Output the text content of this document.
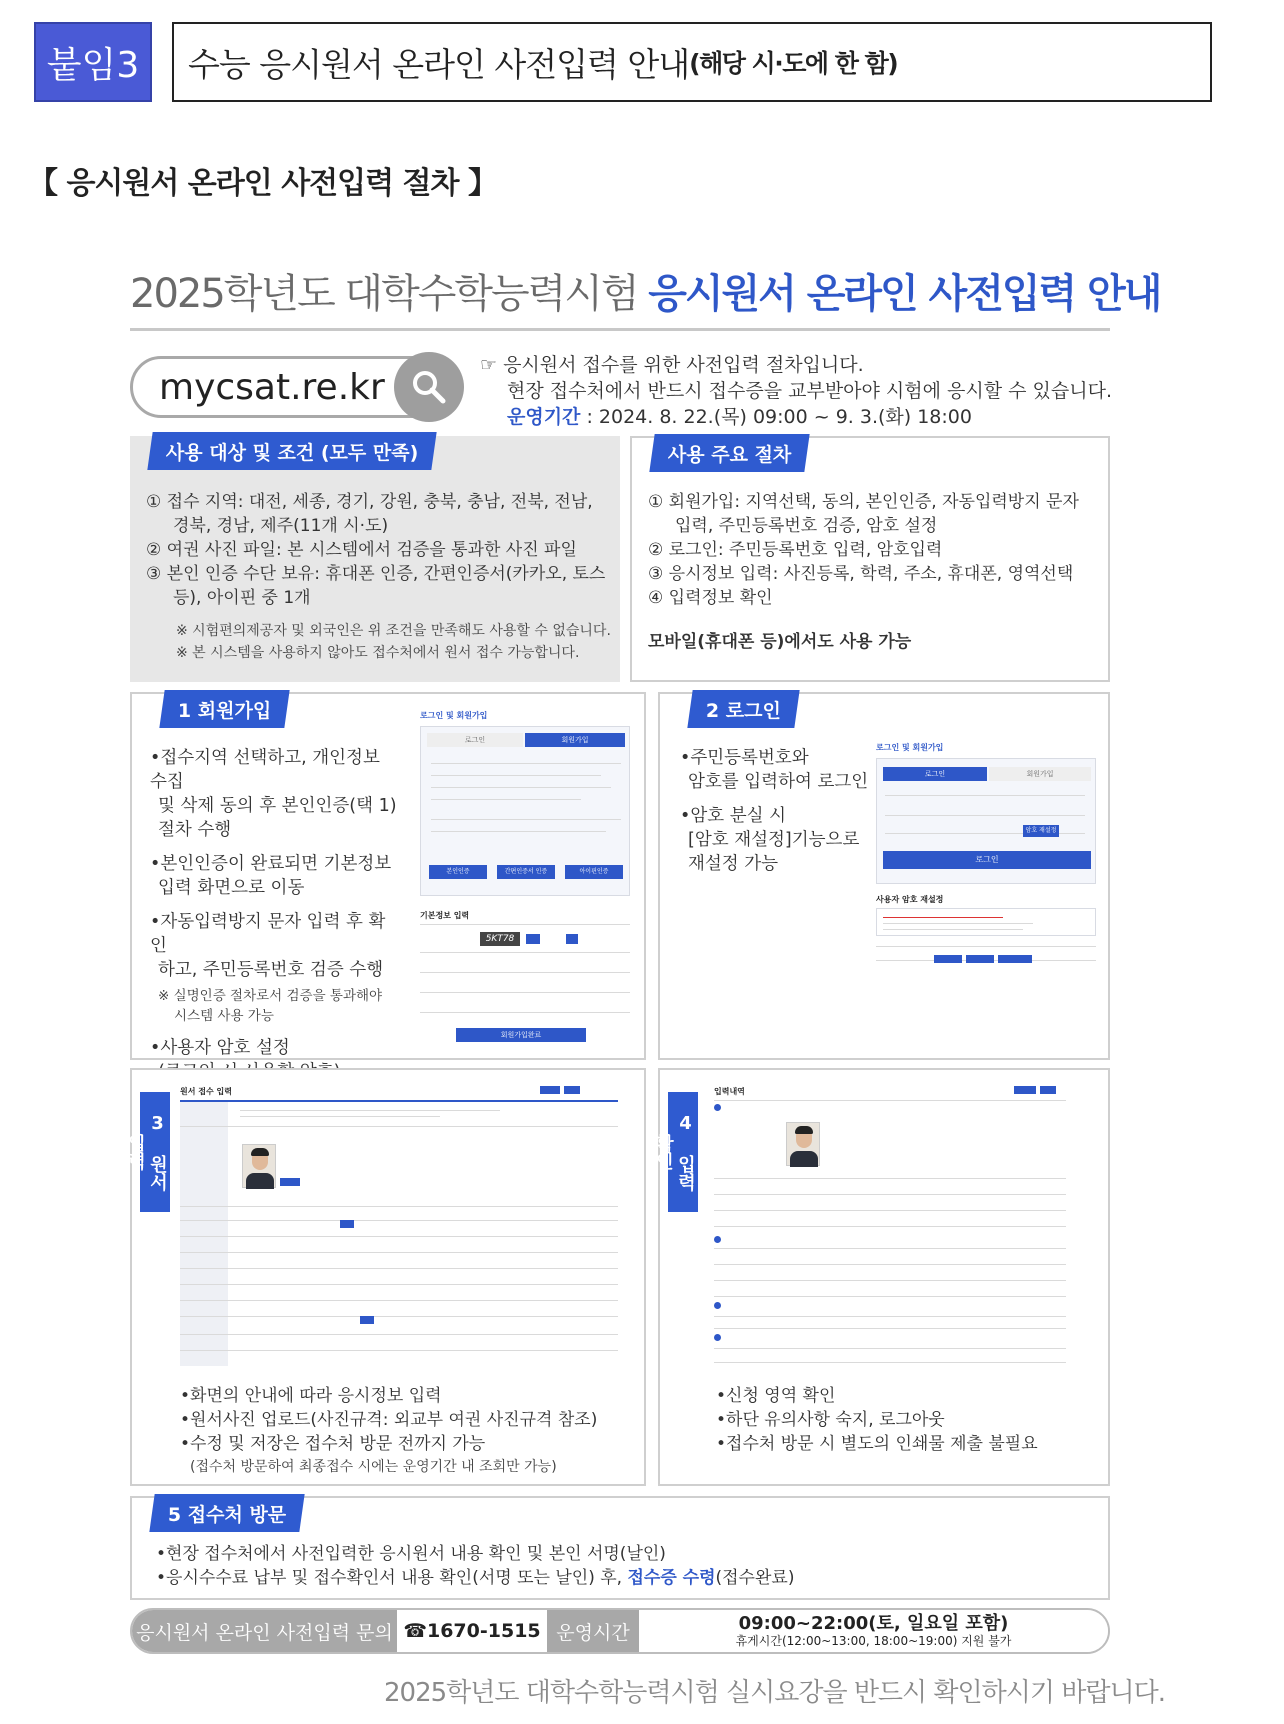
붙임3	수능 응시원서 온라인 사전입력 안내 (해당 시·도에 한 함)
【 응시원서 온라인 사전입력 절차 】
2025학년도 대학수학능력시험 응시원서 온라인 사전입력 안내
mycsat.re.kr
☞ 응시원서 접수를 위한 사전입력 절차입니다.
현장 접수처에서 반드시 접수증을 교부받아야 시험에 응시할 수 있습니다.
운영기간 : 2024. 8. 22.(목) 09:00 ~ 9. 3.(화) 18:00
사용 대상 및 조건 (모두 만족)
① 접수 지역: 대전, 세종, 경기, 강원, 충북, 충남, 전북, 전남,
경북, 경남, 제주(11개 시·도)
② 여권 사진 파일: 본 시스템에서 검증을 통과한 사진 파일
③ 본인 인증 수단 보유: 휴대폰 인증, 간편인증서(카카오, 토스
등), 아이핀 중 1개
※ 시험편의제공자 및 외국인은 위 조건을 만족해도 사용할 수 없습니다.
※ 본 시스템을 사용하지 않아도 접수처에서 원서 접수 가능합니다.
사용 주요 절차
① 회원가입: 지역선택, 동의, 본인인증, 자동입력방지 문자
입력, 주민등록번호 검증, 암호 설정
② 로그인: 주민등록번호 입력, 암호입력
③ 응시정보 입력: 사진등록, 학력, 주소, 휴대폰, 영역선택
④ 입력정보 확인
모바일(휴대폰 등)에서도 사용 가능
1 회원가입
•접수지역 선택하고, 개인정보 수집
및 삭제 동의 후 본인인증(택 1)
절차 수행
•본인인증이 완료되면 기본정보
입력 화면으로 이동
•자동입력방지 문자 입력 후 확인
하고, 주민등록번호 검증 수행
※ 실명인증 절차로서 검증을 통과해야
시스템 사용 가능
•사용자 암호 설정
로그인 및 회원가입
로그인	회원가입
본인인증	간편인증서 인증	아이핀인증
기본정보 입력
5KT78
회원가입완료
2 로그인
•주민등록번호와
암호를 입력하여 로그인
•암호 분실 시
[암호 재설정]기능으로
재설정 가능
로그인 및 회원가입
로그인	회원가입
암호 재설정
로그인
사용자 암호 재설정
3 원서 입력
원서 접수 입력
•화면의 안내에 따라 응시정보 입력
•원서사진 업로드(사진규격: 외교부 여권 사진규격 참조)
•수정 및 저장은 접수처 방문 전까지 가능
(접수처 방문하여 최종접수 시에는 운영기간 내 조회만 가능)
4 입력 확인
입력내역
•신청 영역 확인
•하단 유의사항 숙지, 로그아웃
•접수처 방문 시 별도의 인쇄물 제출 불필요
5 접수처 방문
•현장 접수처에서 사전입력한 응시원서 내용 확인 및 본인 서명(날인)
•응시수수료 납부 및 접수확인서 내용 확인(서명 또는 날인) 후, 접수증 수령(접수완료)
응시원서 온라인 사전입력 문의 ☎1670-1515 운영시간	09:00~22:00(토, 일요일 포함)
휴게시간(12:00~13:00, 18:00~19:00) 지원 불가
2025학년도 대학수학능력시험 실시요강을 반드시 확인하시기 바랍니다.
